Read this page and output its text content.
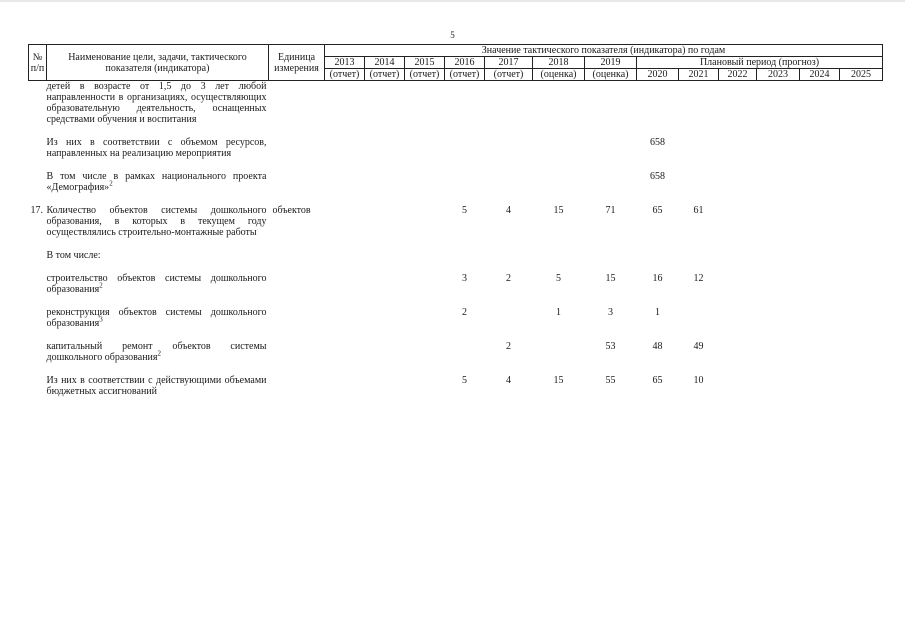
5
№ п/п	Наименование цели, задачи, тактического показателя (индикатора)	Единица измерения	Значение тактического показателя (индикатора) по годам												
			2013	2014	2015	2016	2017	2018	2019	Плановый период (прогноз)					
			(отчет)	(отчет)	(отчет)	(отчет)	(отчет)	(оценка)	(оценка)	2020	2021	2022	2023	2024	2025
	детей в возрасте от 1,5 до 3 лет любой направленности в организациях, осуществляющих образовательную деятельность, оснащенных средствами обучения и воспитания														

	Из них в соответствии с объемом ресурсов, направленных на реализацию мероприятия									658					

	В том числе в рамках национального проекта «Демография»$^2$									658					

17.	Количество объектов системы дошкольного образования, в которых в текущем году осуществлялись строительно-монтажные работы	объектов				5	4	15	71	65	61				

	В том числе:														

	строительство объектов системы дошкольного образования$^2$					3	2	5	15	16	12				

	реконструкция объектов системы дошкольного образования$^3$					2		1	3	1					

	капитальный ремонт объектов системы дошкольного образования$^2$						2		53	48	49				

	Из них в соответствии с действующими объемами бюджетных ассигнований					5	4	15	55	65	10				
